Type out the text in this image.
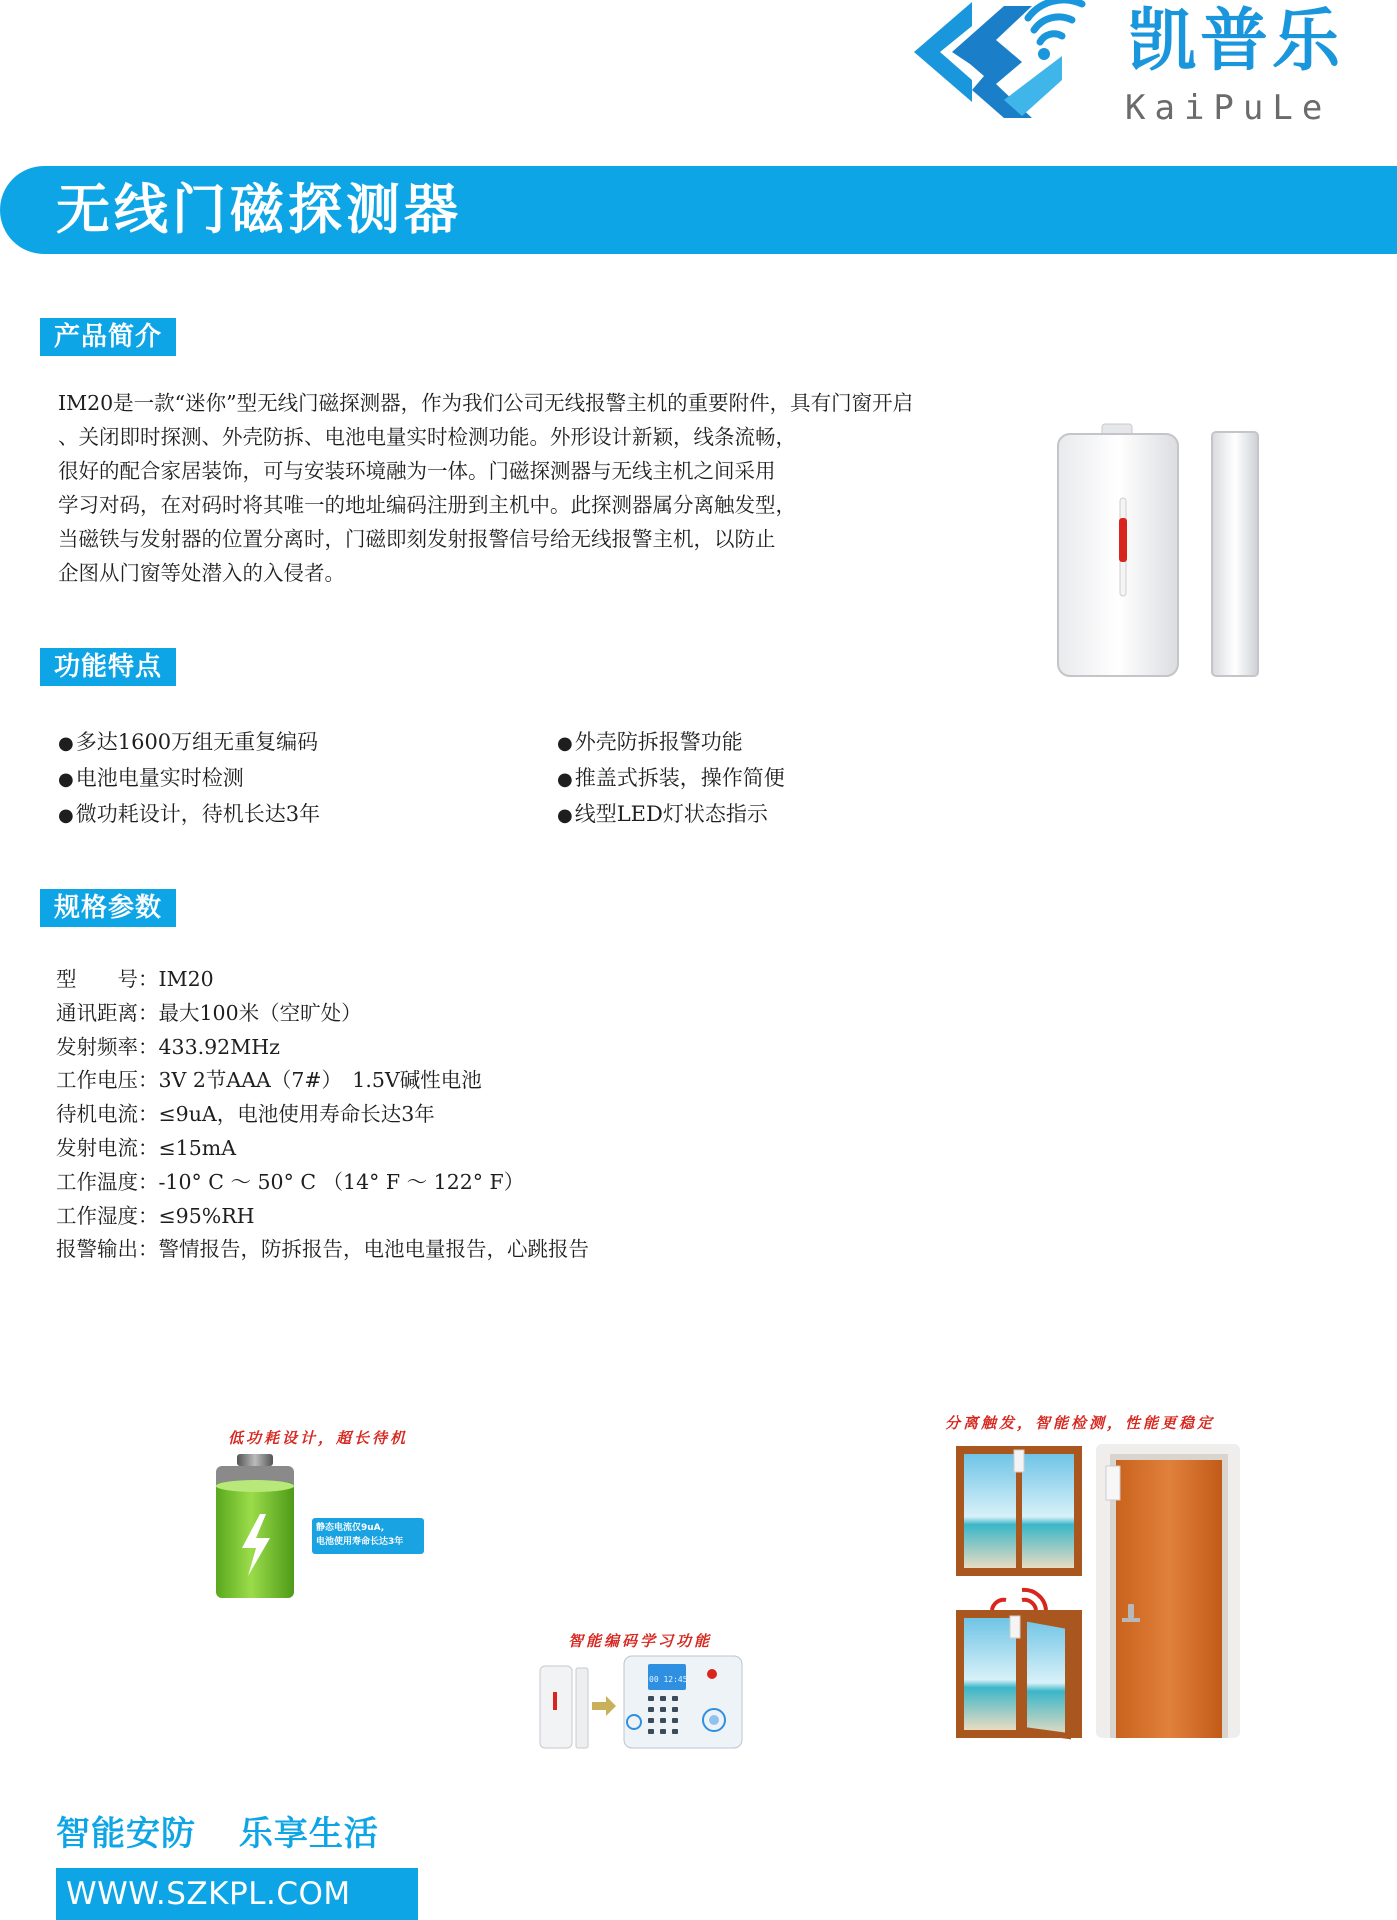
凯普乐
KaiPuLe
无线门磁探测器
产品简介

IM20是一款“迷你”型无线门磁探测器，作为我们公司无线报警主机的重要附件，具有门窗开启

、关闭即时探测、外壳防拆、电池电量实时检测功能。外形设计新颖，线条流畅，

很好的配合家居装饰，可与安装环境融为一体。门磁探测器与无线主机之间采用

学习对码，在对码时将其唯一的地址编码注册到主机中。此探测器属分离触发型，

当磁铁与发射器的位置分离时，门磁即刻发射报警信号给无线报警主机，以防止

企图从门窗等处潜入的入侵者。

功能特点
●多达1600万组无重复编码
●电池电量实时检测
●微功耗设计，待机长达3年
●外壳防拆报警功能
●推盖式拆装，操作简便
●线型LED灯状态指示
规格参数
型　　号：IM20
通讯距离：最大100米（空旷处）
发射频率：433.92MHz
工作电压：3V 2节AAA（7#）　1.5V碱性电池
待机电流：≤9uA，电池使用寿命长达3年
发射电流：≤15mA
工作温度：-10° C ～ 50° C （14° F ～ 122° F）
工作湿度：≤95%RH
报警输出：警情报告，防拆报告，电池电量报告，心跳报告
低功耗设计，超长待机
静态电流仅9uA,
电池使用寿命长达3年
智能编码学习功能
00 12:45
分离触发，智能检测，性能更稳定
智能安防 乐享生活
WWW.SZKPL.COM
